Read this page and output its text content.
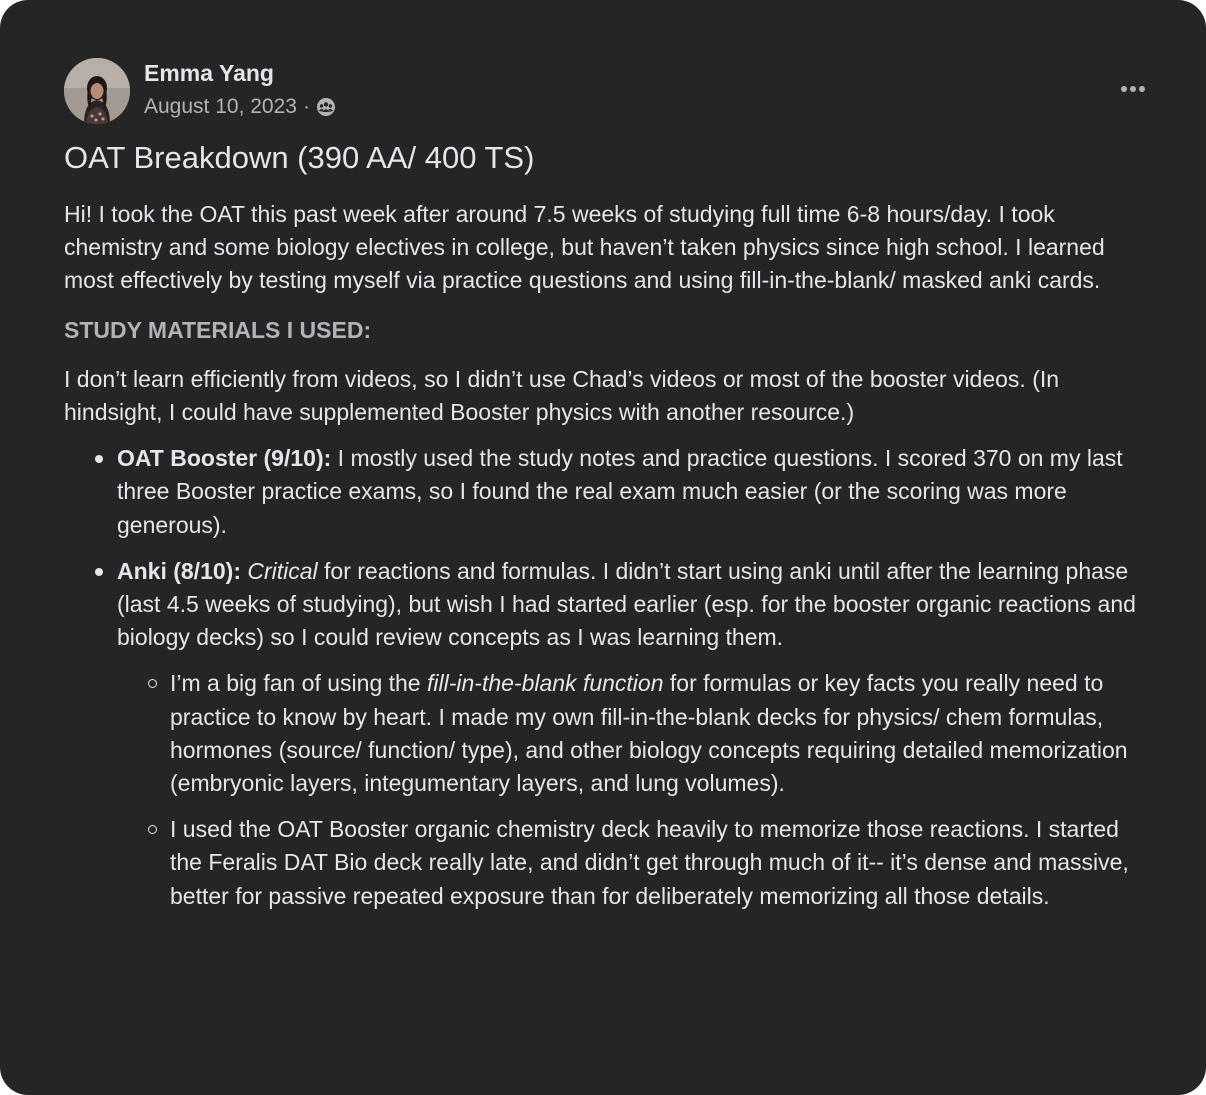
Emma Yang
August 10, 2023 ·
OAT Breakdown (390 AA/ 400 TS)

Hi! I took the OAT this past week after around 7.5 weeks of studying full time 6-8 hours/day. I took chemistry and some biology electives in college, but haven’t taken physics since high school. I learned most effectively by testing myself via practice questions and using fill-in-the-blank/ masked anki cards.

STUDY MATERIALS I USED:

I don’t learn efficiently from videos, so I didn’t use Chad’s videos or most of the booster videos. (In hindsight, I could have supplemented Booster physics with another resource.)

OAT Booster (9/10): I mostly used the study notes and practice questions. I scored 370 on my last three Booster practice exams, so I found the real exam much easier (or the scoring was more generous).
Anki (8/10): Critical for reactions and formulas. I didn’t start using anki until after the learning phase (last 4.5 weeks of studying), but wish I had started earlier (esp. for the booster organic reactions and biology decks) so I could review concepts as I was learning them.
I’m a big fan of using the fill-in-the-blank function for formulas or key facts you really need to practice to know by heart. I made my own fill-in-the-blank decks for physics/ chem formulas, hormones (source/ function/ type), and other biology concepts requiring detailed memorization (embryonic layers, integumentary layers, and lung volumes).
I used the OAT Booster organic chemistry deck heavily to memorize those reactions. I started the Feralis DAT Bio deck really late, and didn’t get through much of it-- it’s dense and massive, better for passive repeated exposure than for deliberately memorizing all those details.
